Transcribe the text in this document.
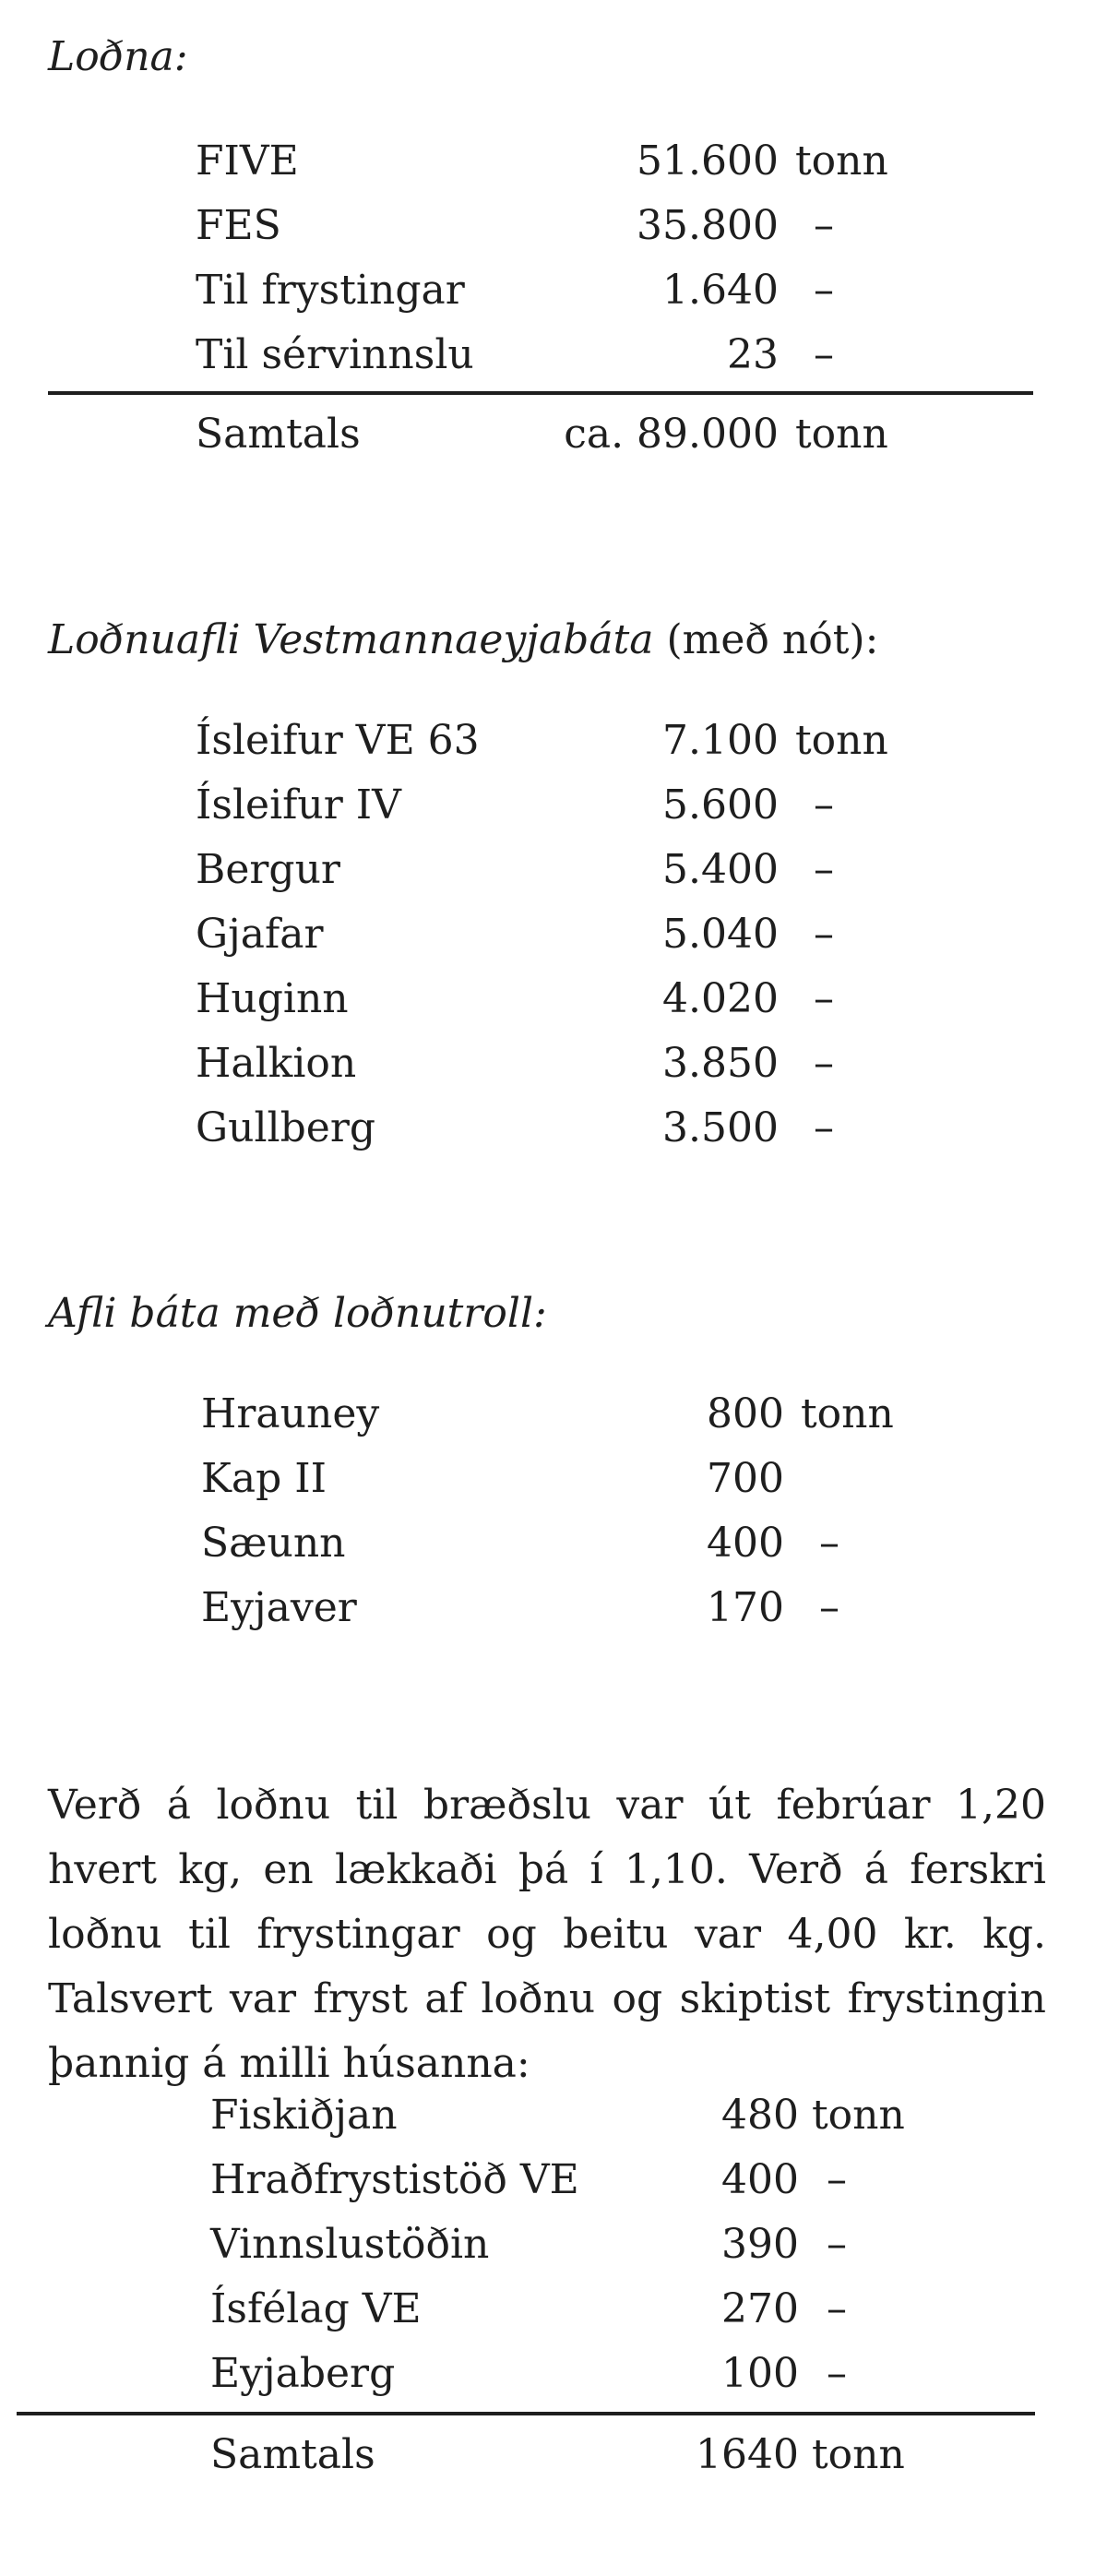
Loðna:
FIVE	51.600 tonn
FES	35.800 –
Til frystingar	1.640 –
Til sérvinnslu	23 –
Samtals	ca. 89.000 tonn
Loðnuafli Vestmannaeyjabáta (með nót):
Ísleifur VE 63	7.100 tonn
Ísleifur IV	5.600 –
Bergur	5.400 –
Gjafar	5.040 –
Huginn	4.020 –
Halkion	3.850 –
Gullberg	3.500 –
Afli báta með loðnutroll:
Hrauney	800 tonn
Kap II	700
Sæunn	400 –
Eyjaver	170 –

Verð á loðnu til bræðslu var út febrúar 1,20 hvert kg, en lækkaði þá í 1,10. Verð á ferskri loðnu til frystingar og beitu var 4,00 kr. kg. Talsvert var fryst af loðnu og skiptist frystingin þannig á milli húsanna:

Fiskiðjan	480 tonn
Hraðfrystistöð VE	400 –
Vinnslustöðin	390 –
Ísfélag VE	270 –
Eyjaberg	100 –
Samtals	1640 tonn
